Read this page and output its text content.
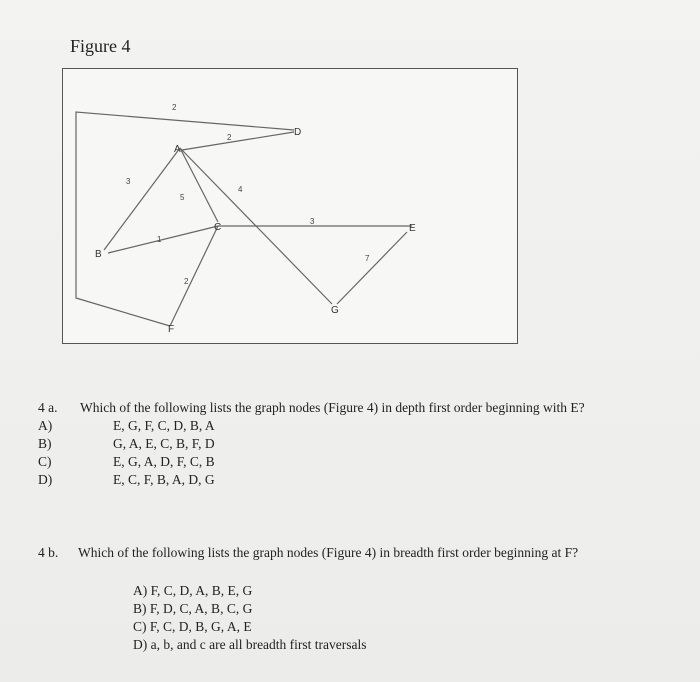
Figure 4
A
B
C
D
E
F
G
2
2
3
5
4
1
3
2
7
4 a. Which of the following lists the graph nodes (Figure 4) in depth first order beginning with E?
A)	E, G, F, C, D, B, A
B)	G, A, E, C, B, F, D
C)	E, G, A, D, F, C, B
D)	E, C, F, B, A, D, G
4 b. Which of the following lists the graph nodes (Figure 4) in breadth first order beginning at F?
A) F, C, D, A, B, E, G
B) F, D, C, A, B, C, G
C) F, C, D, B, G, A, E
D) a, b, and c are all breadth first traversals
